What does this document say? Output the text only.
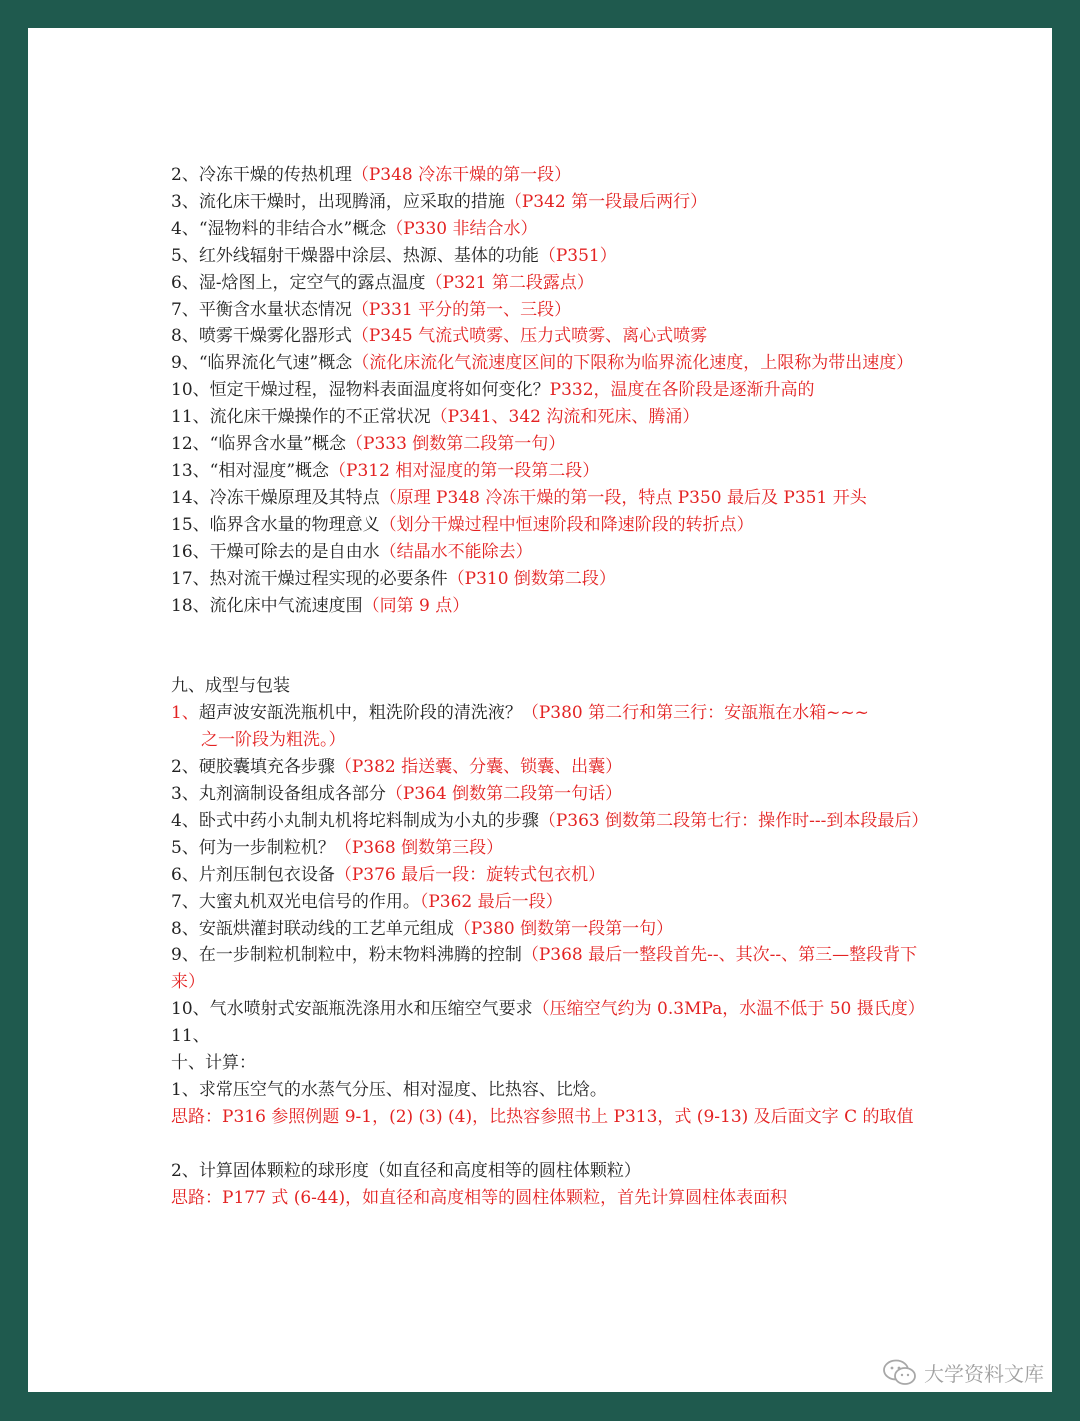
2、冷冻干燥的传热机理（P348 冷冻干燥的第一段）
3、流化床干燥时，出现腾涌，应采取的措施（P342 第一段最后两行）
4、“湿物料的非结合水”概念（P330 非结合水）
5、红外线辐射干燥器中涂层、热源、基体的功能（P351）
6、湿-焓图上，定空气的露点温度（P321 第二段露点）
7、平衡含水量状态情况（P331 平分的第一、三段）
8、喷雾干燥雾化器形式（P345 气流式喷雾、压力式喷雾、离心式喷雾
9、“临界流化气速”概念（流化床流化气流速度区间的下限称为临界流化速度，上限称为带出速度）
10、恒定干燥过程，湿物料表面温度将如何变化？P332，温度在各阶段是逐渐升高的
11、流化床干燥操作的不正常状况（P341、342 沟流和死床、腾涌）
12、“临界含水量”概念（P333 倒数第二段第一句）
13、“相对湿度”概念（P312 相对湿度的第一段第二段）
14、冷冻干燥原理及其特点（原理 P348 冷冻干燥的第一段，特点 P350 最后及 P351 开头
15、临界含水量的物理意义（划分干燥过程中恒速阶段和降速阶段的转折点）
16、干燥可除去的是自由水（结晶水不能除去）
17、热对流干燥过程实现的必要条件（P310 倒数第二段）
18、流化床中气流速度围（同第 9 点）
九、成型与包装
1、超声波安瓿洗瓶机中，粗洗阶段的清洗液？（P380 第二行和第三行：安瓿瓶在水箱~~~
之一阶段为粗洗。）
2、硬胶囊填充各步骤（P382 指送囊、分囊、锁囊、出囊）
3、丸剂滴制设备组成各部分（P364 倒数第二段第一句话）
4、卧式中药小丸制丸机将坨料制成为小丸的步骤（P363 倒数第二段第七行：操作时---到本段最后）
5、何为一步制粒机？（P368 倒数第三段）
6、片剂压制包衣设备（P376 最后一段：旋转式包衣机）
7、大蜜丸机双光电信号的作用。（P362 最后一段）
8、安瓿烘灌封联动线的工艺单元组成（P380 倒数第一段第一句）
9、在一步制粒机制粒中，粉末物料沸腾的控制（P368 最后一整段首先--、其次--、第三—整段背下来）
10、气水喷射式安瓿瓶洗涤用水和压缩空气要求（压缩空气约为 0.3MPa，水温不低于 50 摄氏度）
11、
十、计算：
1、求常压空气的水蒸气分压、相对湿度、比热容、比焓。
思路：P316 参照例题 9-1，(2) (3) (4)，比热容参照书上 P313，式 (9-13) 及后面文字 C 的取值
2、计算固体颗粒的球形度（如直径和高度相等的圆柱体颗粒）
思路：P177 式 (6-44)，如直径和高度相等的圆柱体颗粒，首先计算圆柱体表面积
大学资料文库
